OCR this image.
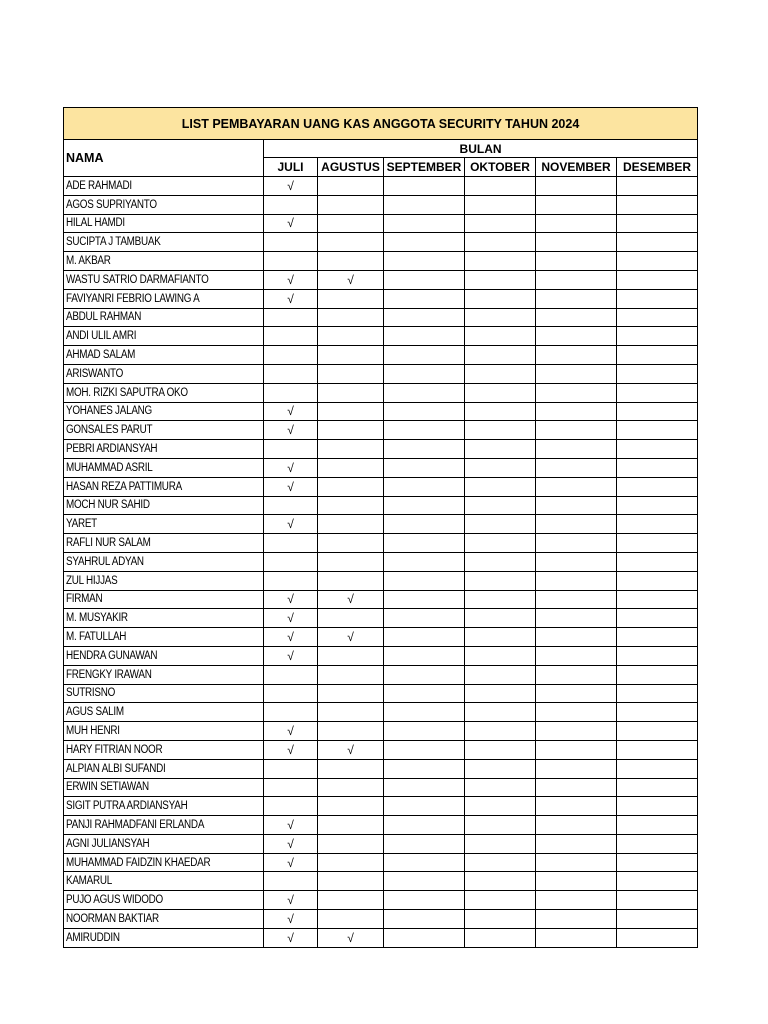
LIST PEMBAYARAN UANG KAS ANGGOTA SECURITY TAHUN 2024						
NAMA	BULAN					
	JULI	AGUSTUS	SEPTEMBER	OKTOBER	NOVEMBER	DESEMBER
ADE RAHMADI	√					
AGOS SUPRIYANTO						
HILAL HAMDI	√					
SUCIPTA J TAMBUAK						
M. AKBAR						
WASTU SATRIO DARMAFIANTO	√	√				
FAVIYANRI FEBRIO LAWING A	√					
ABDUL RAHMAN						
ANDI ULIL AMRI						
AHMAD SALAM						
ARISWANTO						
MOH. RIZKI SAPUTRA OKO						
YOHANES JALANG	√					
GONSALES PARUT	√					
PEBRI ARDIANSYAH						
MUHAMMAD ASRIL	√					
HASAN REZA PATTIMURA	√					
MOCH NUR SAHID						
YARET	√					
RAFLI NUR SALAM						
SYAHRUL ADYAN						
ZUL HIJJAS						
FIRMAN	√	√				
M. MUSYAKIR	√					
M. FATULLAH	√	√				
HENDRA GUNAWAN	√					
FRENGKY IRAWAN						
SUTRISNO						
AGUS SALIM						
MUH HENRI	√					
HARY FITRIAN NOOR	√	√				
ALPIAN ALBI SUFANDI						
ERWIN SETIAWAN						
SIGIT PUTRA ARDIANSYAH						
PANJI RAHMADFANI ERLANDA	√					
AGNI JULIANSYAH	√					
MUHAMMAD FAIDZIN KHAEDAR	√					
KAMARUL						
PUJO AGUS WIDODO	√					
NOORMAN BAKTIAR	√					
AMIRUDDIN	√	√				
